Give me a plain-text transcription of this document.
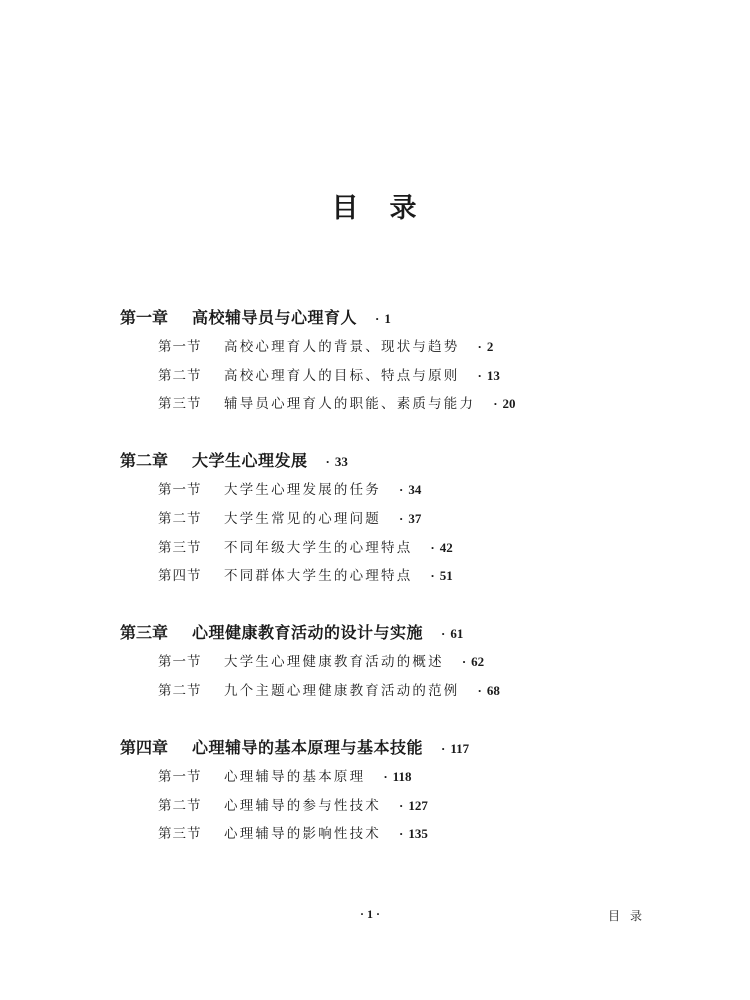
目　录
第一章	高校辅导员与心理育人	· 1
第一节	高校心理育人的背景、现状与趋势	· 2
第二节	高校心理育人的目标、特点与原则	· 13
第三节	辅导员心理育人的职能、素质与能力	· 20
第二章	大学生心理发展	· 33
第一节	大学生心理发展的任务	· 34
第二节	大学生常见的心理问题	· 37
第三节	不同年级大学生的心理特点	· 42
第四节	不同群体大学生的心理特点	· 51
第三章	心理健康教育活动的设计与实施	· 61
第一节	大学生心理健康教育活动的概述	· 62
第二节	九个主题心理健康教育活动的范例	· 68
第四章	心理辅导的基本原理与基本技能	· 117
第一节	心理辅导的基本原理	· 118
第二节	心理辅导的参与性技术	· 127
第三节	心理辅导的影响性技术	· 135
· 1 ·	目录
